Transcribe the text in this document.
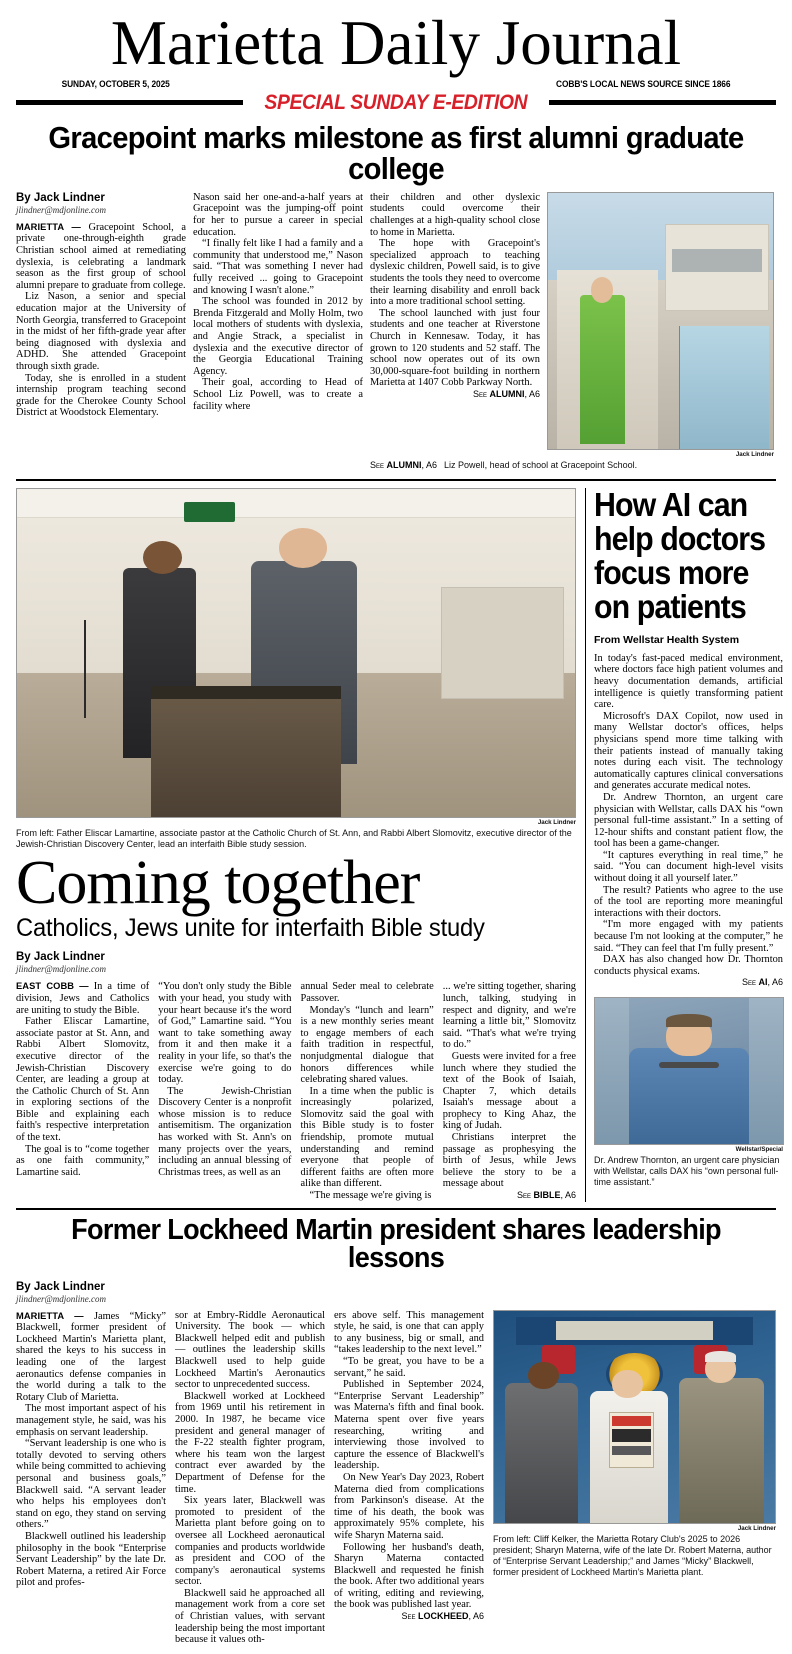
Marietta Daily Journal
SUNDAY, OCTOBER 5, 2025	COBB'S LOCAL NEWS SOURCE SINCE 1866
SPECIAL SUNDAY E-EDITION
Gracepoint marks milestone as first alumni graduate college
By Jack Lindner
jlindner@mdjonline.com

MARIETTA — Gracepoint School, a private one-through-eighth grade Christian school aimed at remediating dyslexia, is celebrating a landmark season as the first group of school alumni prepare to graduate from college.

Liz Nason, a senior and special education major at the University of North Georgia, transferred to Gracepoint in the midst of her fifth-grade year after being diagnosed with dyslexia and ADHD. She attended Gracepoint through sixth grade.

Today, she is enrolled in a student internship program teaching second grade for the Cherokee County School District at Woodstock Elementary.

Nason said her one-and-a-half years at Gracepoint was the jumping-off point for her to pursue a career in special education.

“I finally felt like I had a family and a community that understood me,” Nason said. “That was something I never had fully received ... going to Gracepoint and knowing I wasn't alone.”

The school was founded in 2012 by Brenda Fitzgerald and Molly Holm, two local mothers of students with dyslexia, and Angie Strack, a specialist in dyslexia and the executive director of the Georgia Educational Training Agency.

Their goal, according to Head of School Liz Powell, was to create a facility where

their children and other dyslexic students could overcome their challenges at a high-quality school close to home in Marietta.

The hope with Gracepoint's specialized approach to teaching dyslexic children, Powell said, is to give students the tools they need to overcome their learning disability and enroll back into a more traditional school setting.

The school launched with just four students and one teacher at Riverstone Church in Kennesaw. Today, it has grown to 120 students and 52 staff. The school now operates out of its own 30,000-square-foot building in northern Marietta at 1407 Cobb Parkway North.

See ALUMNI, A6

Jack Lindner
See ALUMNI, A6 Liz Powell, head of school at Gracepoint School.
Jack Lindner
From left: Father Eliscar Lamartine, associate pastor at the Catholic Church of St. Ann, and Rabbi Albert Slomovitz, executive director of the Jewish-Christian Discovery Center, lead an interfaith Bible study session.
Coming together
Catholics, Jews unite for interfaith Bible study
By Jack Lindner
jlindner@mdjonline.com

EAST COBB — In a time of division, Jews and Catholics are uniting to study the Bible.

Father Eliscar Lamartine, associate pastor at St. Ann, and Rabbi Albert Slomovitz, executive director of the Jewish-Christian Discovery Center, are leading a group at the Catholic Church of St. Ann in exploring sections of the Bible and explaining each faith's respective interpretation of the text.

The goal is to “come together as one faith community,” Lamartine said.

“You don't only study the Bible with your head, you study with your heart because it's the word of God,” Lamartine said. “You want to take something away from it and then make it a reality in your life, so that's the exercise we're going to do today.

The Jewish-Christian Discovery Center is a nonprofit whose mission is to reduce antisemitism. The organization has worked with St. Ann's on many projects over the years, including an annual blessing of Christmas trees, as well as an

annual Seder meal to celebrate Passover.

Monday's “lunch and learn” is a new monthly series meant to engage members of each faith tradition in respectful, nonjudgmental dialogue that honors differences while celebrating shared values.

In a time when the public is increasingly polarized, Slomovitz said the goal with this Bible study is to foster friendship, promote mutual understanding and remind everyone that people of different faiths are often more alike than different.

“The message we're giving is

... we're sitting together, sharing lunch, talking, studying in respect and dignity, and we're learning a little bit,” Slomovitz said. “That's what we're trying to do.”

Guests were invited for a free lunch where they studied the text of the Book of Isaiah, Chapter 7, which details Isaiah's message about a prophecy to King Ahaz, the king of Judah.

Christians interpret the passage as prophesying the birth of Jesus, while Jews believe the story to be a message about

See BIBLE, A6

How AI can help doctors focus more on patients
From Wellstar Health System

In today's fast-paced medical environment, where doctors face high patient volumes and heavy documentation demands, artificial intelligence is quietly transforming patient care.

Microsoft's DAX Copilot, now used in many Wellstar doctor's offices, helps physicians spend more time talking with their patients instead of manually taking notes during each visit. The technology automatically captures clinical conversations and generates accurate medical notes.

Dr. Andrew Thornton, an urgent care physician with Wellstar, calls DAX his “own personal full-time assistant.” In a setting of 12-hour shifts and constant patient flow, the tool has been a game-changer.

“It captures everything in real time,” he said. “You can document high-level visits without doing it all yourself later.”

The result? Patients who agree to the use of the tool are reporting more meaningful interactions with their doctors.

“I'm more engaged with my patients because I'm not looking at the computer,” he said. “They can feel that I'm fully present.”

DAX has also changed how Dr. Thornton conducts physical exams.

See AI, A6

Wellstar/Special
Dr. Andrew Thornton, an urgent care physician with Wellstar, calls DAX his “own personal full-time assistant.”
Former Lockheed Martin president shares leadership lessons
By Jack Lindner
jlindner@mdjonline.com

MARIETTA — James “Micky” Blackwell, former president of Lockheed Martin's Marietta plant, shared the keys to his success in leading one of the largest aeronautics defense companies in the world during a talk to the Rotary Club of Marietta.

The most important aspect of his management style, he said, was his emphasis on servant leadership.

“Servant leadership is one who is totally devoted to serving others while being committed to achieving personal and business goals,” Blackwell said. “A servant leader who helps his employees don't stand on ego, they stand on serving others.”

Blackwell outlined his leadership philosophy in the book “Enterprise Servant Leadership” by the late Dr. Robert Materna, a retired Air Force pilot and profes-

sor at Embry-Riddle Aeronautical University. The book — which Blackwell helped edit and publish — outlines the leadership skills Blackwell used to help guide Lockheed Martin's Aeronautics sector to unprecedented success.

Blackwell worked at Lockheed from 1969 until his retirement in 2000. In 1987, he became vice president and general manager of the F-22 stealth fighter program, where his team won the largest contract ever awarded by the Department of Defense for the time.

Six years later, Blackwell was promoted to president of the Marietta plant before going on to oversee all Lockheed aeronautical companies and products worldwide as president and COO of the company's aeronautical systems sector.

Blackwell said he approached all management work from a core set of Christian values, with servant leadership being the most important because it values oth-

ers above self. This management style, he said, is one that can apply to any business, big or small, and “takes leadership to the next level.”

“To be great, you have to be a servant,” he said.

Published in September 2024, “Enterprise Servant Leadership” was Materna's fifth and final book. Materna spent over five years researching, writing and interviewing those involved to capture the essence of Blackwell's leadership.

On New Year's Day 2023, Robert Materna died from complications from Parkinson's disease. At the time of his death, the book was approximately 95% complete, his wife Sharyn Materna said.

Following her husband's death, Sharyn Materna contacted Blackwell and requested he finish the book. After two additional years of writing, editing and reviewing, the book was published last year.

See LOCKHEED, A6

Jack Lindner
From left: Cliff Kelker, the Marietta Rotary Club's 2025 to 2026 president; Sharyn Materna, wife of the late Dr. Robert Materna, author of “Enterprise Servant Leadership;” and James “Micky” Blackwell, former president of Lockheed Martin's Marietta plant.
